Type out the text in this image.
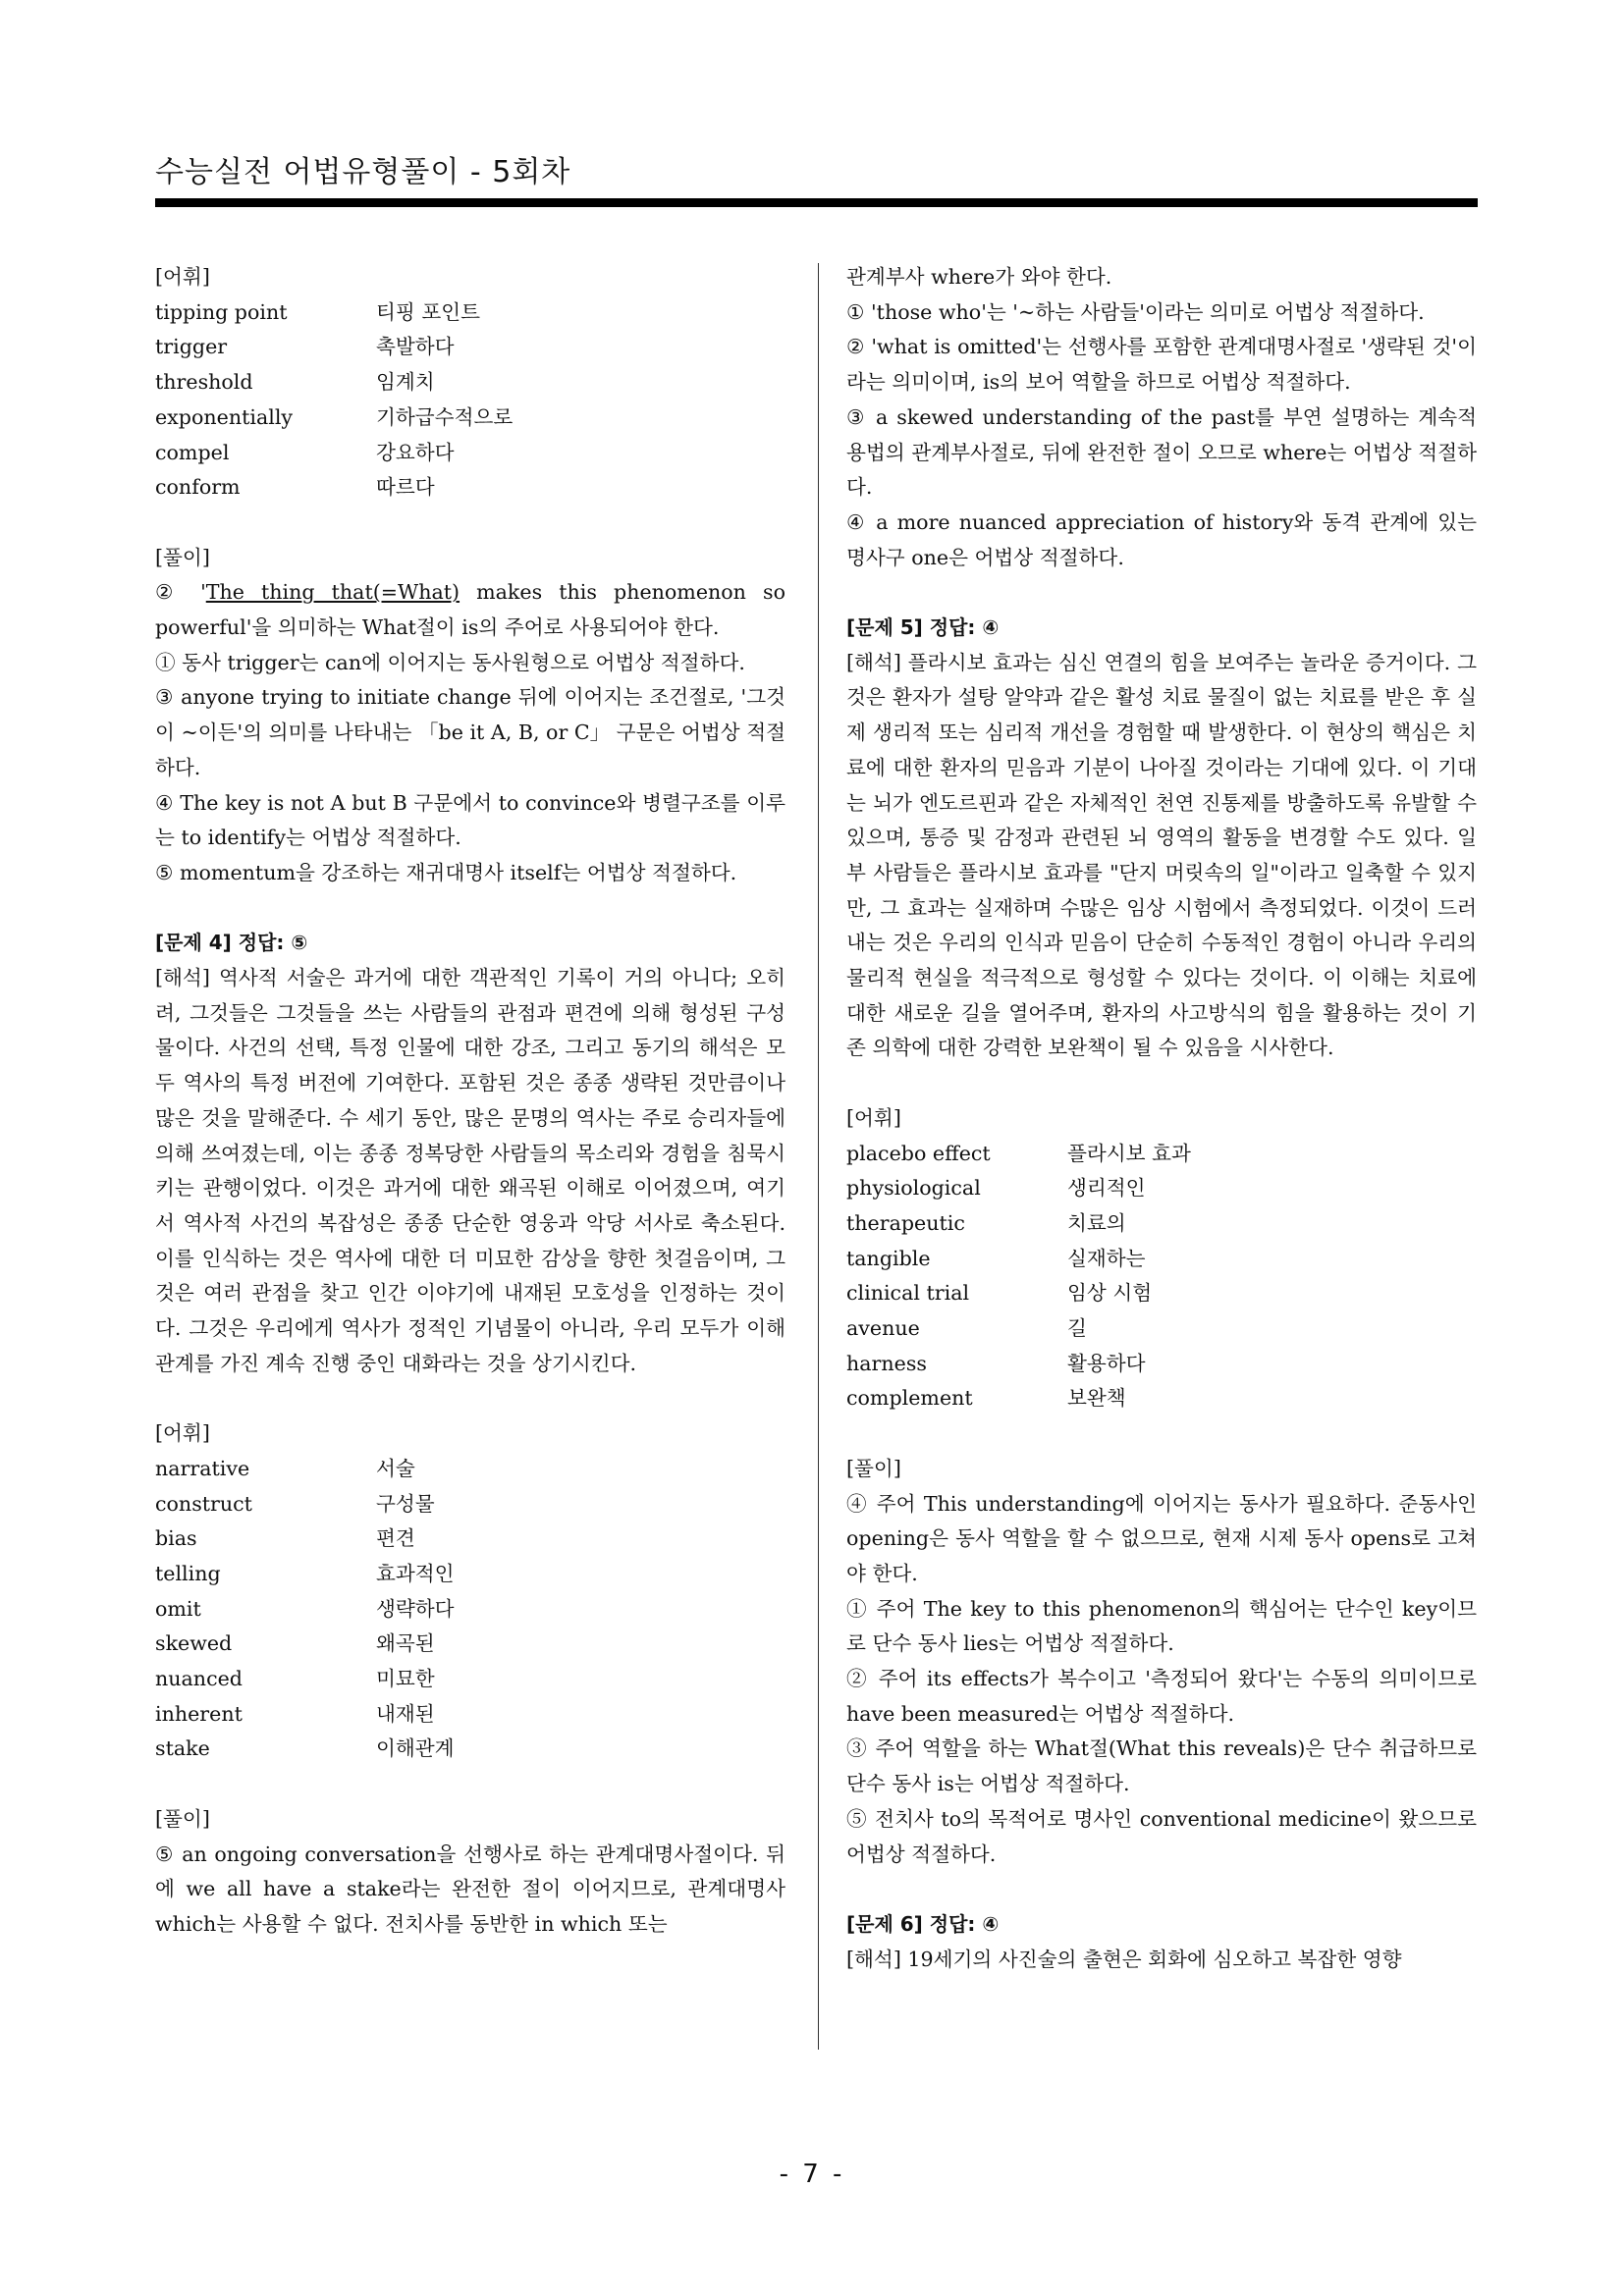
수능실전 어법유형풀이 - 5회차

[어휘]

tipping point	티핑 포인트
trigger	촉발하다
threshold	임계치
exponentially	기하급수적으로
compel	강요하다
conform	따르다

[풀이]

② 'The thing that(=What) makes this phenomenon so powerful'을 의미하는 What절이 is의 주어로 사용되어야 한다.

① 동사 trigger는 can에 이어지는 동사원형으로 어법상 적절하다.

③ anyone trying to initiate change 뒤에 이어지는 조건절로, '그것이 ~이든'의 의미를 나타내는 「be it A, B, or C」 구문은 어법상 적절하다.

④ The key is not A but B 구문에서 to convince와 병렬구조를 이루는 to identify는 어법상 적절하다.

⑤ momentum을 강조하는 재귀대명사 itself는 어법상 적절하다.

[문제 4] 정답: ⑤

[해석] 역사적 서술은 과거에 대한 객관적인 기록이 거의 아니다; 오히려, 그것들은 그것들을 쓰는 사람들의 관점과 편견에 의해 형성된 구성물이다. 사건의 선택, 특정 인물에 대한 강조, 그리고 동기의 해석은 모두 역사의 특정 버전에 기여한다. 포함된 것은 종종 생략된 것만큼이나 많은 것을 말해준다. 수 세기 동안, 많은 문명의 역사는 주로 승리자들에 의해 쓰여졌는데, 이는 종종 정복당한 사람들의 목소리와 경험을 침묵시키는 관행이었다. 이것은 과거에 대한 왜곡된 이해로 이어졌으며, 여기서 역사적 사건의 복잡성은 종종 단순한 영웅과 악당 서사로 축소된다. 이를 인식하는 것은 역사에 대한 더 미묘한 감상을 향한 첫걸음이며, 그것은 여러 관점을 찾고 인간 이야기에 내재된 모호성을 인정하는 것이다. 그것은 우리에게 역사가 정적인 기념물이 아니라, 우리 모두가 이해관계를 가진 계속 진행 중인 대화라는 것을 상기시킨다.

[어휘]

narrative	서술
construct	구성물
bias	편견
telling	효과적인
omit	생략하다
skewed	왜곡된
nuanced	미묘한
inherent	내재된
stake	이해관계

[풀이]

⑤ an ongoing conversation을 선행사로 하는 관계대명사절이다. 뒤에 we all have a stake라는 완전한 절이 이어지므로, 관계대명사 which는 사용할 수 없다. 전치사를 동반한 in which 또는

관계부사 where가 와야 한다.

① 'those who'는 '~하는 사람들'이라는 의미로 어법상 적절하다.

② 'what is omitted'는 선행사를 포함한 관계대명사절로 '생략된 것'이라는 의미이며, is의 보어 역할을 하므로 어법상 적절하다.

③ a skewed understanding of the past를 부연 설명하는 계속적 용법의 관계부사절로, 뒤에 완전한 절이 오므로 where는 어법상 적절하다.

④ a more nuanced appreciation of history와 동격 관계에 있는 명사구 one은 어법상 적절하다.

[문제 5] 정답: ④

[해석] 플라시보 효과는 심신 연결의 힘을 보여주는 놀라운 증거이다. 그것은 환자가 설탕 알약과 같은 활성 치료 물질이 없는 치료를 받은 후 실제 생리적 또는 심리적 개선을 경험할 때 발생한다. 이 현상의 핵심은 치료에 대한 환자의 믿음과 기분이 나아질 것이라는 기대에 있다. 이 기대는 뇌가 엔도르핀과 같은 자체적인 천연 진통제를 방출하도록 유발할 수 있으며, 통증 및 감정과 관련된 뇌 영역의 활동을 변경할 수도 있다. 일부 사람들은 플라시보 효과를 "단지 머릿속의 일"이라고 일축할 수 있지만, 그 효과는 실재하며 수많은 임상 시험에서 측정되었다. 이것이 드러내는 것은 우리의 인식과 믿음이 단순히 수동적인 경험이 아니라 우리의 물리적 현실을 적극적으로 형성할 수 있다는 것이다. 이 이해는 치료에 대한 새로운 길을 열어주며, 환자의 사고방식의 힘을 활용하는 것이 기존 의학에 대한 강력한 보완책이 될 수 있음을 시사한다.

[어휘]

placebo effect	플라시보 효과
physiological	생리적인
therapeutic	치료의
tangible	실재하는
clinical trial	임상 시험
avenue	길
harness	활용하다
complement	보완책

[풀이]

④ 주어 This understanding에 이어지는 동사가 필요하다. 준동사인 opening은 동사 역할을 할 수 없으므로, 현재 시제 동사 opens로 고쳐야 한다.

① 주어 The key to this phenomenon의 핵심어는 단수인 key이므로 단수 동사 lies는 어법상 적절하다.

② 주어 its effects가 복수이고 '측정되어 왔다'는 수동의 의미이므로 have been measured는 어법상 적절하다.

③ 주어 역할을 하는 What절(What this reveals)은 단수 취급하므로 단수 동사 is는 어법상 적절하다.

⑤ 전치사 to의 목적어로 명사인 conventional medicine이 왔으므로 어법상 적절하다.

[문제 6] 정답: ④

[해석] 19세기의 사진술의 출현은 회화에 심오하고 복잡한 영향

- 7 -
